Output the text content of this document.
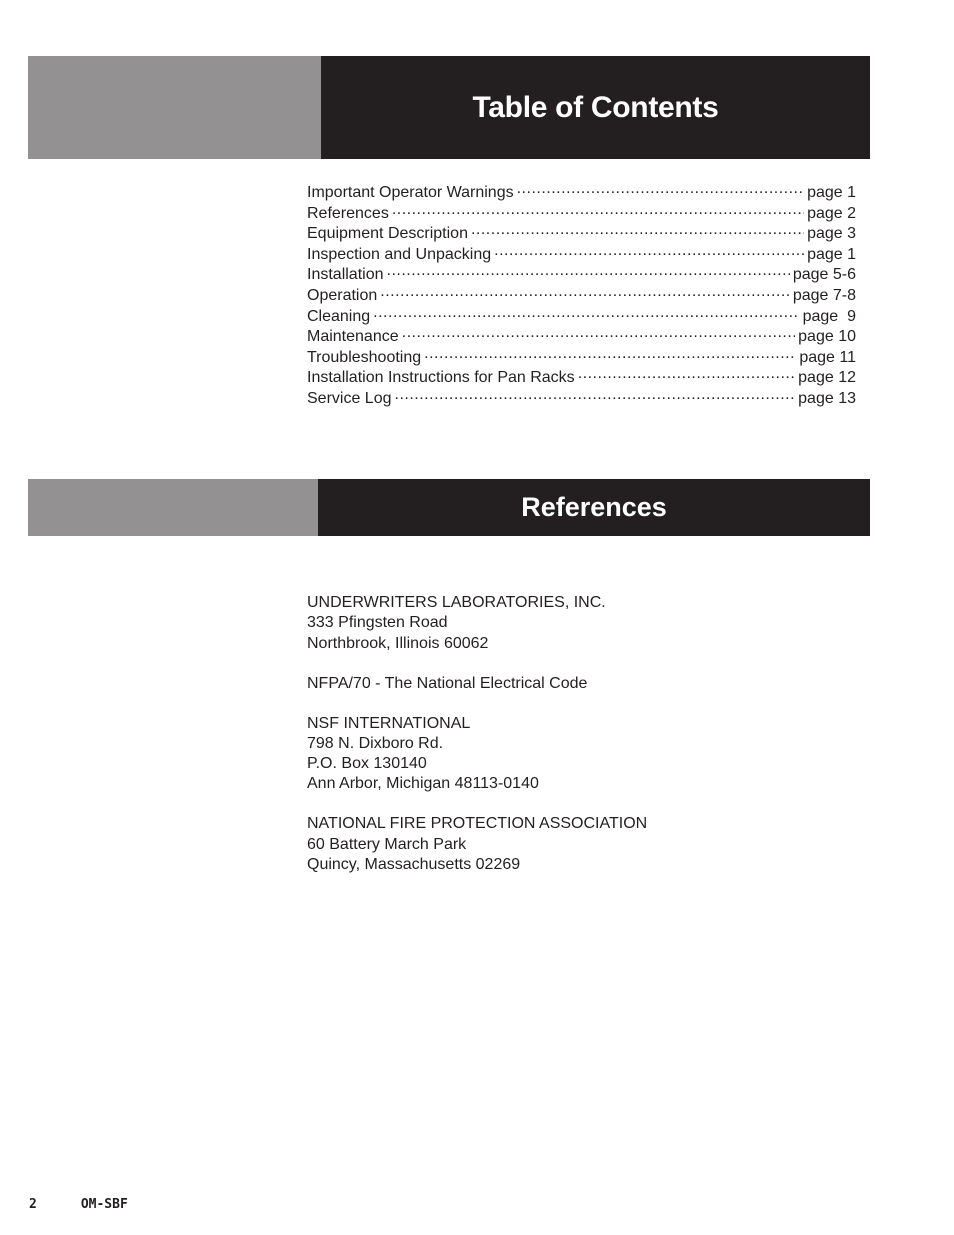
Table of Contents
Important Operator Warnings .....	page 1
References .....	page 2
Equipment Description .....	page 3
Inspection and Unpacking .....	page 1
Installation .....	page 5-6
Operation .....	page 7-8
Cleaning .....	page  9
Maintenance .....	page 10
Troubleshooting .....	page 11
Installation Instructions for Pan Racks .....	page 12
Service Log .....	page 13
References
UNDERWRITERS LABORATORIES, INC.
333 Pfingsten Road
Northbrook, Illinois 60062
NFPA/70 - The National Electrical Code
NSF INTERNATIONAL
798 N. Dixboro Rd.
P.O. Box 130140
Ann Arbor, Michigan 48113-0140
NATIONAL FIRE PROTECTION ASSOCIATION
60 Battery March Park
Quincy, Massachusetts 02269
2	OM-SBF
